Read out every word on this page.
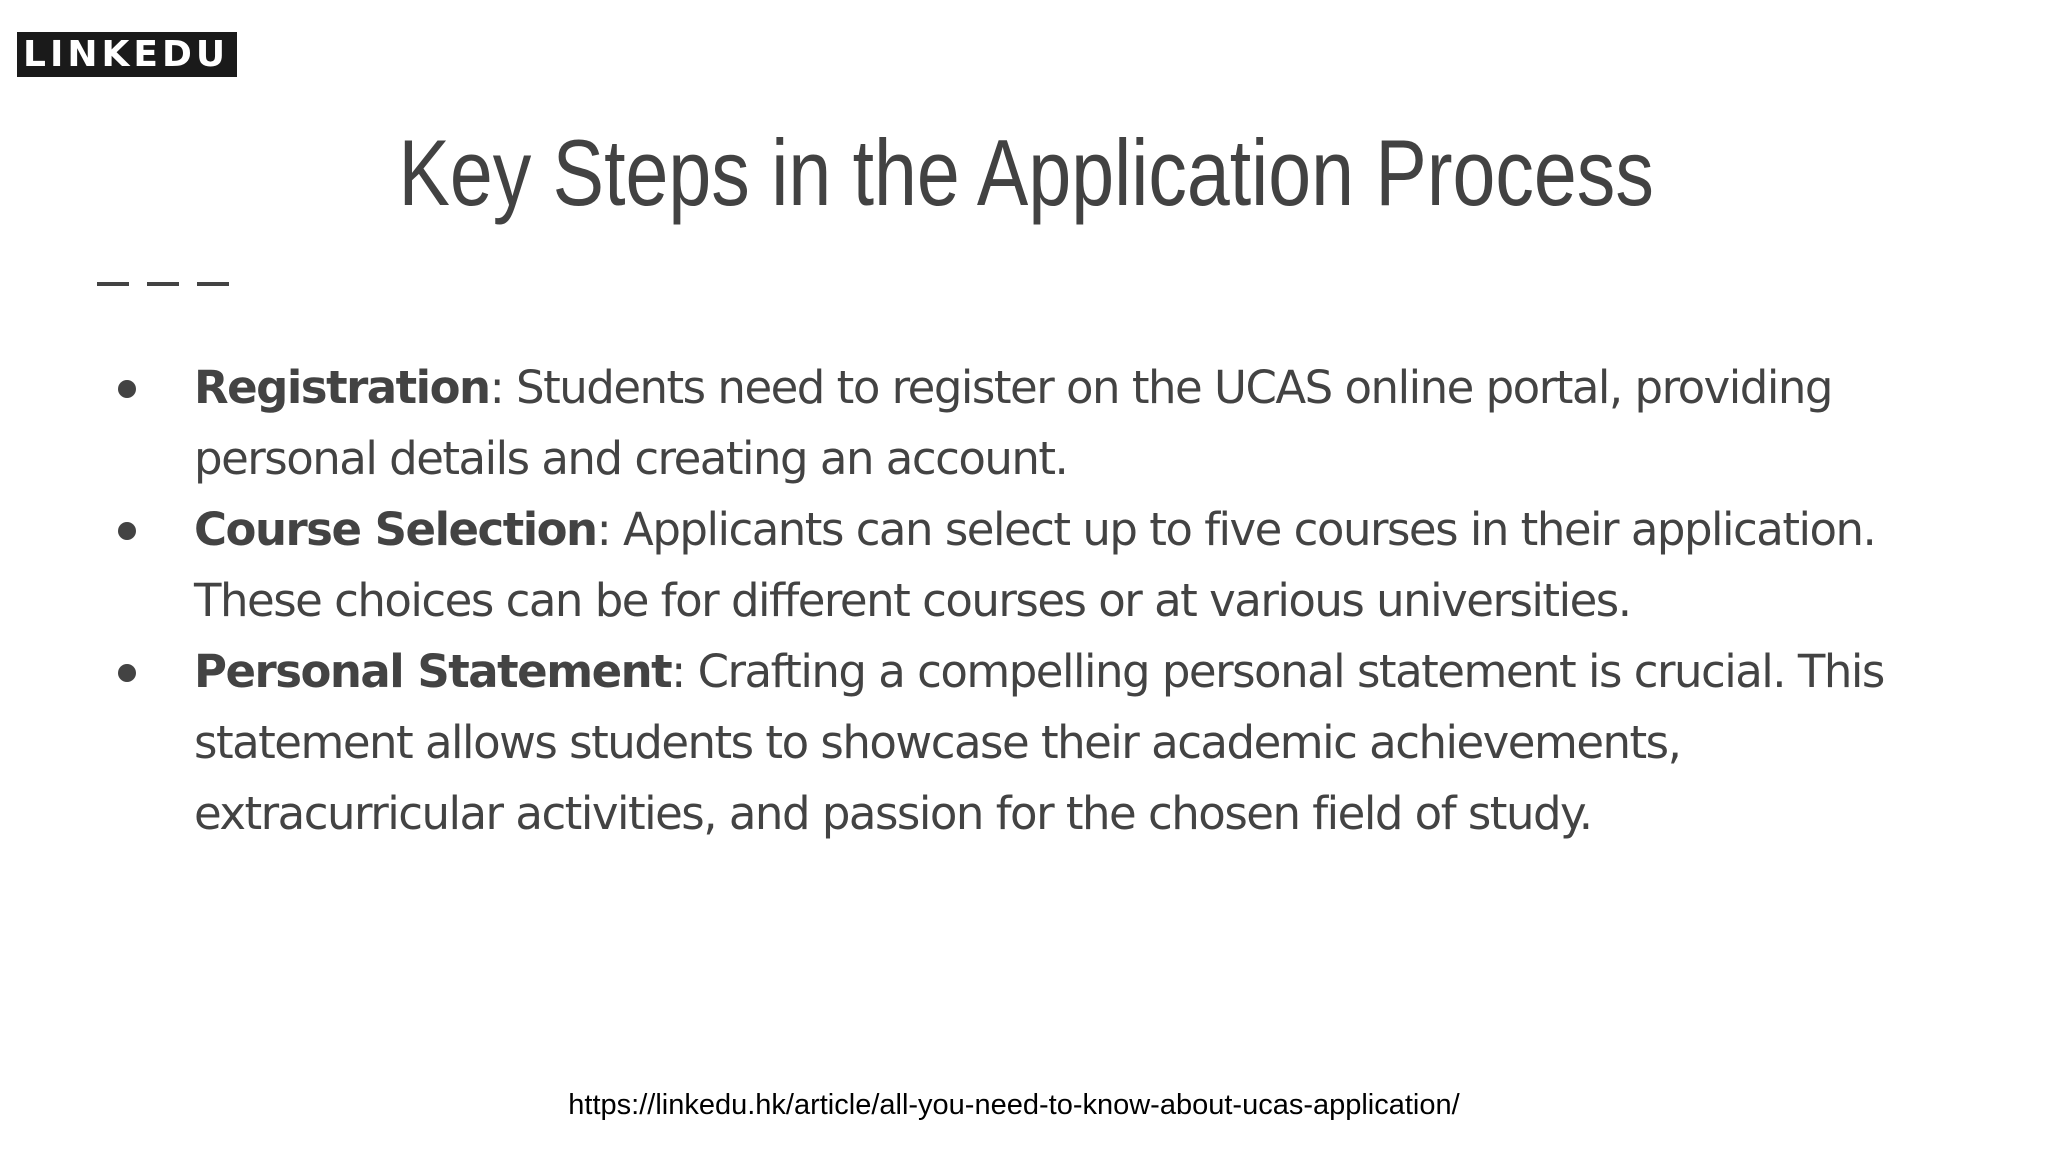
LINKEDU
Key Steps in the Application Process
Registration: Students need to register on the UCAS online portal, providing personal details and creating an account.
Course Selection: Applicants can select up to five courses in their application. These choices can be for different courses or at various universities.
Personal Statement: Crafting a compelling personal statement is crucial. This statement allows students to showcase their academic achievements, extracurricular activities, and passion for the chosen field of study.
https://linkedu.hk/article/all-you-need-to-know-about-ucas-application/
